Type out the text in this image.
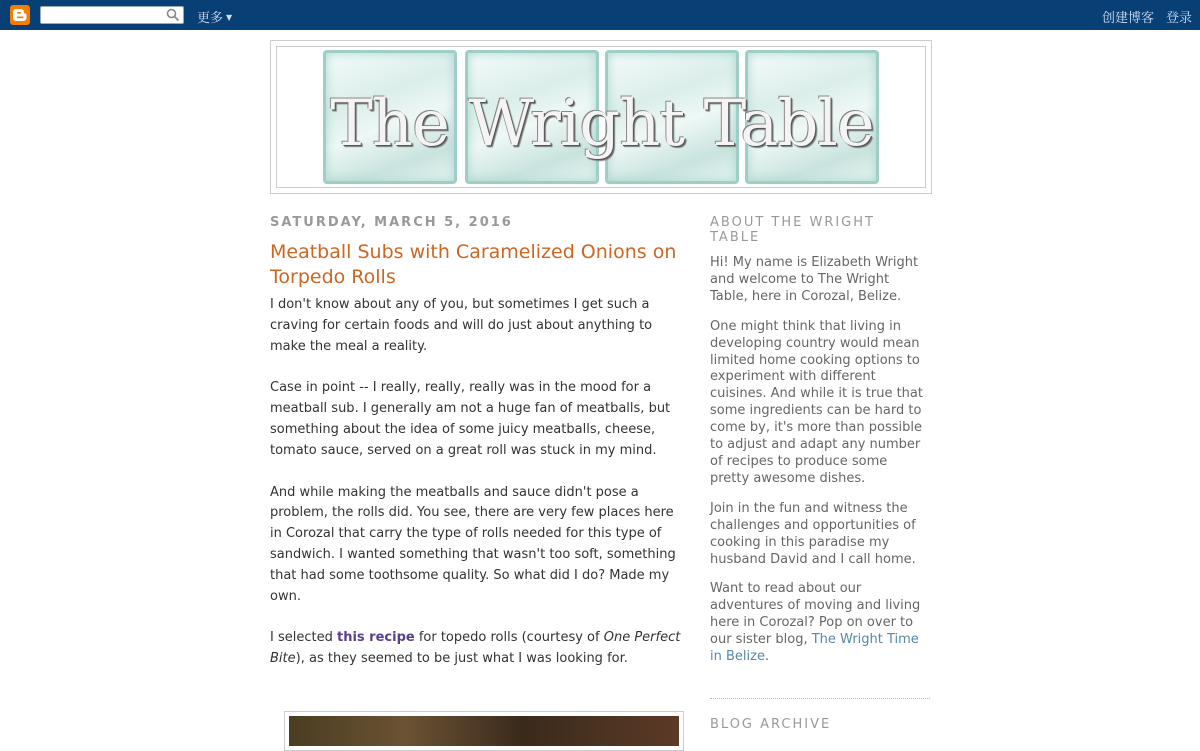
更多 ▼	创建博客 登录
The Wright Table
SATURDAY, MARCH 5, 2016
Meatball Subs with Caramelized Onions on Torpedo Rolls

I don't know about any of you, but sometimes I get such a craving for certain foods and will do just about anything to make the meal a reality.

Case in point -- I really, really, really was in the mood for a meatball sub. I generally am not a huge fan of meatballs, but something about the idea of some juicy meatballs, cheese, tomato sauce, served on a great roll was stuck in my mind.

And while making the meatballs and sauce didn't pose a problem, the rolls did. You see, there are very few places here in Corozal that carry the type of rolls needed for this type of sandwich. I wanted something that wasn't too soft, something that had some toothsome quality. So what did I do? Made my own.

I selected this recipe for topedo rolls (courtesy of One Perfect Bite), as they seemed to be just what I was looking for.

ABOUT THE WRIGHT TABLE

Hi! My name is Elizabeth Wright and welcome to The Wright Table, here in Corozal, Belize.

One might think that living in developing country would mean limited home cooking options to experiment with different cuisines. And while it is true that some ingredients can be hard to come by, it's more than possible to adjust and adapt any number of recipes to produce some pretty awesome dishes.

Join in the fun and witness the challenges and opportunities of cooking in this paradise my husband David and I call home.

Want to read about our adventures of moving and living here in Corozal? Pop on over to our sister blog, The Wright Time in Belize.

BLOG ARCHIVE
